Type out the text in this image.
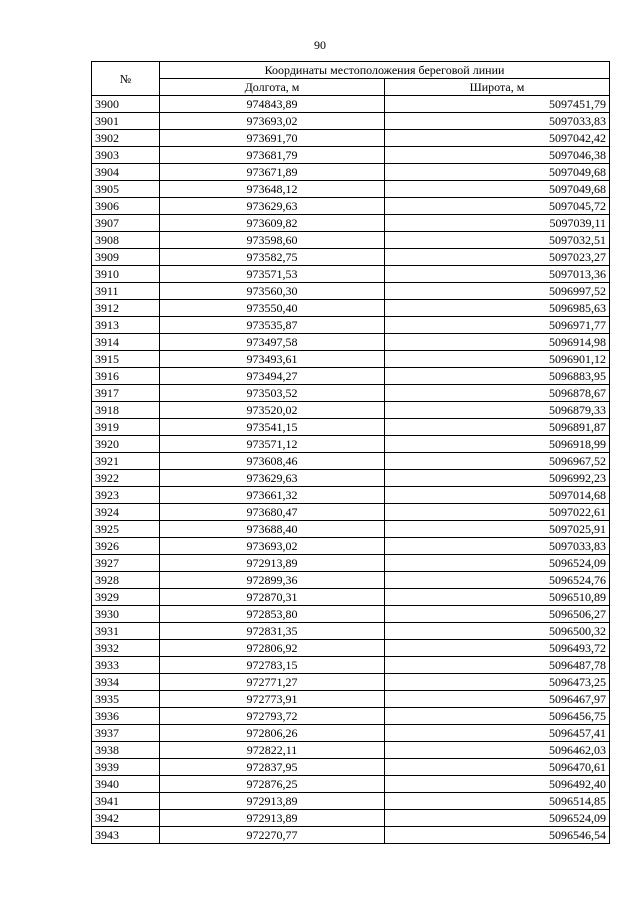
90
№	Координаты местоположения береговой линии	
	Долгота, м	Широта, м
3900	974843,89	5097451,79
3901	973693,02	5097033,83
3902	973691,70	5097042,42
3903	973681,79	5097046,38
3904	973671,89	5097049,68
3905	973648,12	5097049,68
3906	973629,63	5097045,72
3907	973609,82	5097039,11
3908	973598,60	5097032,51
3909	973582,75	5097023,27
3910	973571,53	5097013,36
3911	973560,30	5096997,52
3912	973550,40	5096985,63
3913	973535,87	5096971,77
3914	973497,58	5096914,98
3915	973493,61	5096901,12
3916	973494,27	5096883,95
3917	973503,52	5096878,67
3918	973520,02	5096879,33
3919	973541,15	5096891,87
3920	973571,12	5096918,99
3921	973608,46	5096967,52
3922	973629,63	5096992,23
3923	973661,32	5097014,68
3924	973680,47	5097022,61
3925	973688,40	5097025,91
3926	973693,02	5097033,83
3927	972913,89	5096524,09
3928	972899,36	5096524,76
3929	972870,31	5096510,89
3930	972853,80	5096506,27
3931	972831,35	5096500,32
3932	972806,92	5096493,72
3933	972783,15	5096487,78
3934	972771,27	5096473,25
3935	972773,91	5096467,97
3936	972793,72	5096456,75
3937	972806,26	5096457,41
3938	972822,11	5096462,03
3939	972837,95	5096470,61
3940	972876,25	5096492,40
3941	972913,89	5096514,85
3942	972913,89	5096524,09
3943	972270,77	5096546,54
